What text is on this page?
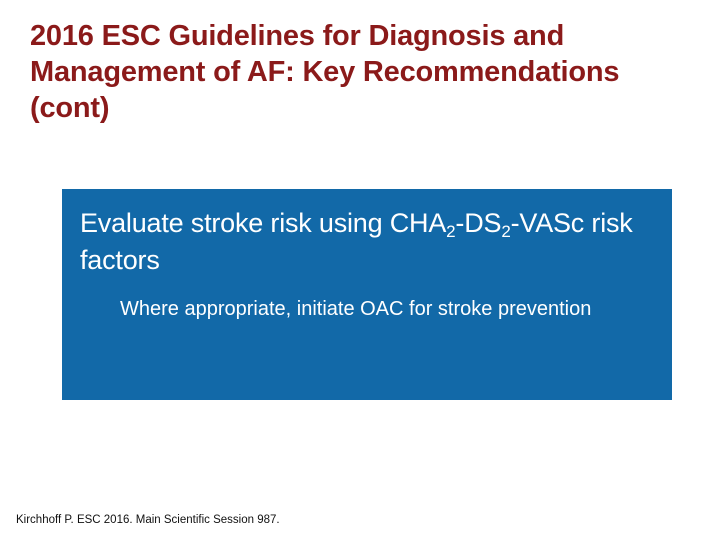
2016 ESC Guidelines for Diagnosis and Management of AF: Key Recommendations (cont)

Evaluate stroke risk using $CHA_2-DS_2$-VASc risk factors

Where appropriate, initiate OAC for stroke prevention

Kirchhoff P. ESC 2016. Main Scientific Session 987.
